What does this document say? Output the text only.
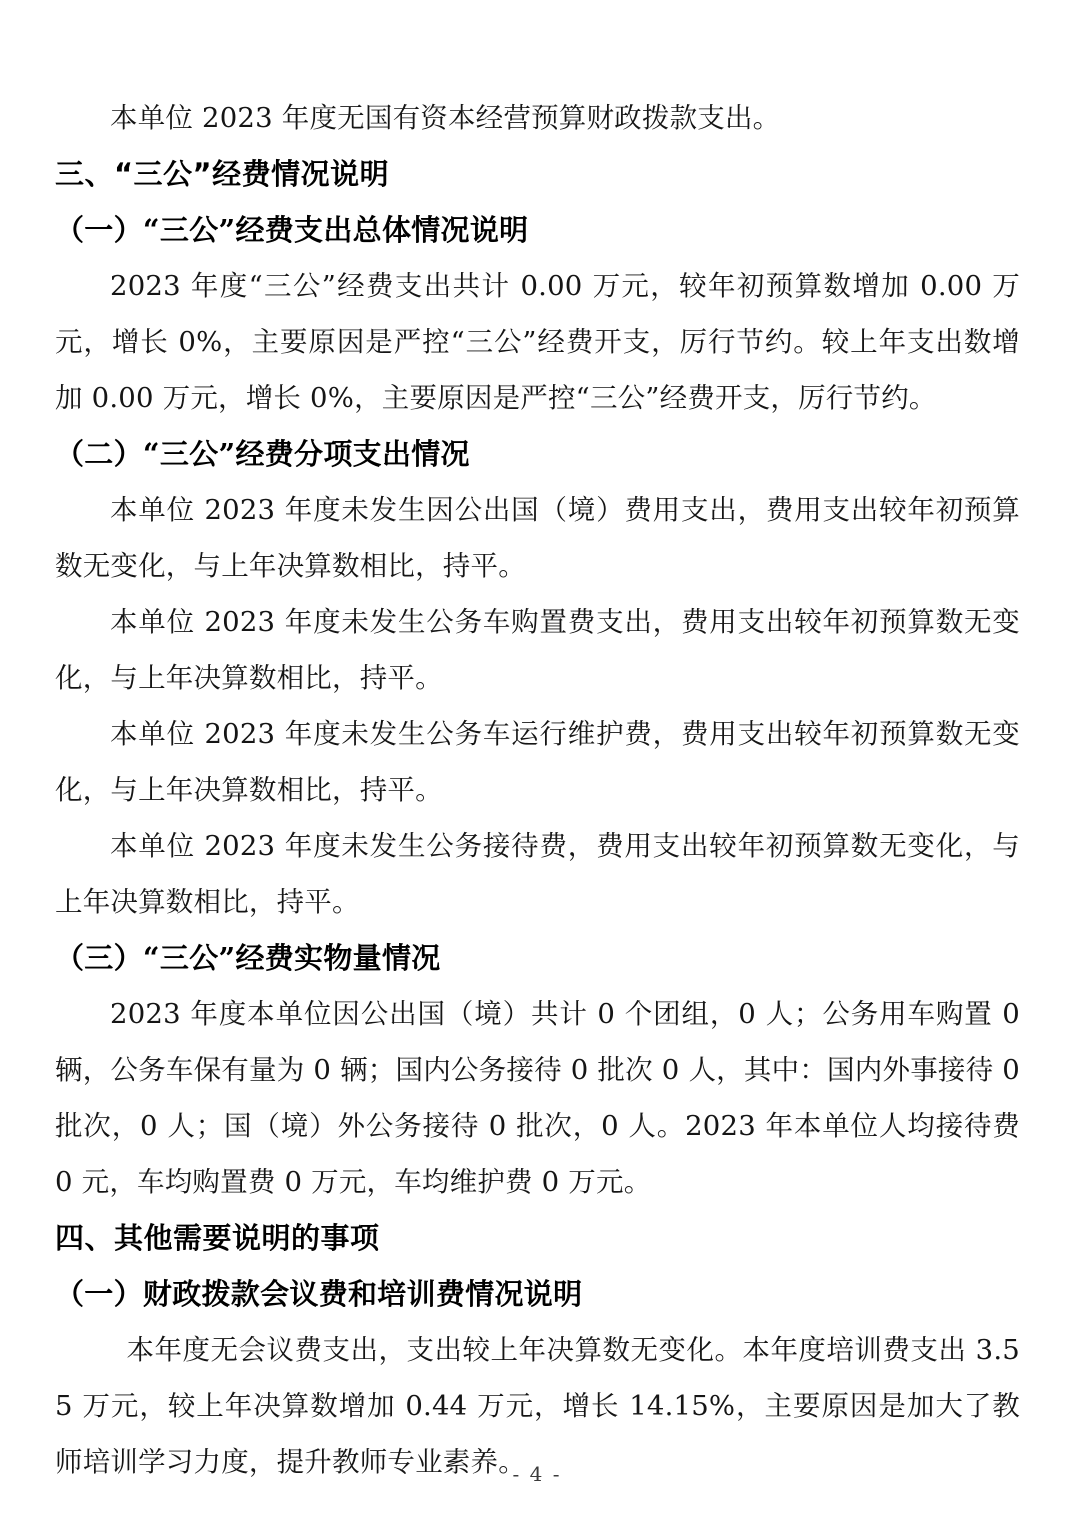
本单位 2023 年度无国有资本经营预算财政拨款支出。

三、“三公”经费情况说明
（一）“三公”经费支出总体情况说明

2023 年度“三公”经费支出共计 0.00 万元，较年初预算数增加 0.00 万元，增长 0%，主要原因是严控“三公”经费开支，厉行节约。较上年支出数增加 0.00 万元，增长 0%，主要原因是严控“三公”经费开支，厉行节约。

（二）“三公”经费分项支出情况

本单位 2023 年度未发生因公出国（境）费用支出，费用支出较年初预算数无变化，与上年决算数相比，持平。

本单位 2023 年度未发生公务车购置费支出，费用支出较年初预算数无变化，与上年决算数相比，持平。

本单位 2023 年度未发生公务车运行维护费，费用支出较年初预算数无变化，与上年决算数相比，持平。

本单位 2023 年度未发生公务接待费，费用支出较年初预算数无变化，与上年决算数相比，持平。

（三）“三公”经费实物量情况

2023 年度本单位因公出国（境）共计 0 个团组，0 人；公务用车购置 0 辆，公务车保有量为 0 辆；国内公务接待 0 批次 0 人，其中：国内外事接待 0 批次，0 人；国（境）外公务接待 0 批次，0 人。2023 年本单位人均接待费 0 元，车均购置费 0 万元，车均维护费 0 万元。

四、其他需要说明的事项
（一）财政拨款会议费和培训费情况说明

本年度无会议费支出，支出较上年决算数无变化。本年度培训费支出 3.55 万元，较上年决算数增加 0.44 万元，增长 14.15%，主要原因是加大了教师培训学习力度，提升教师专业素养。

- 4 -
